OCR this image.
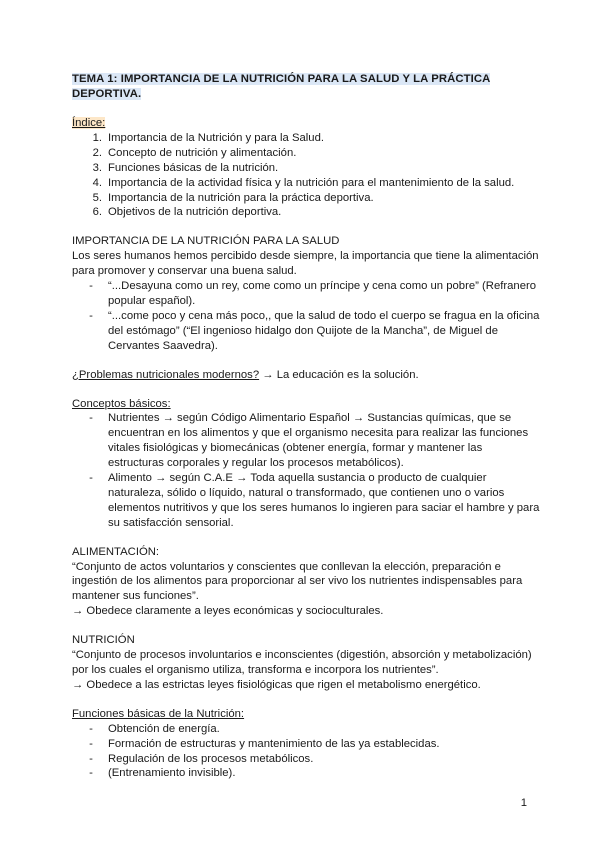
TEMA 1: IMPORTANCIA DE LA NUTRICIÓN PARA LA SALUD Y LA PRÁCTICA
DEPORTIVA.

Índice:

1. Importancia de la Nutrición y para la Salud.
2. Concepto de nutrición y alimentación.
3. Funciones básicas de la nutrición.
4. Importancia de la actividad física y la nutrición para el mantenimiento de la salud.
5. Importancia de la nutrición para la práctica deportiva.
6. Objetivos de la nutrición deportiva.

IMPORTANCIA DE LA NUTRICIÓN PARA LA SALUD

Los seres humanos hemos percibido desde siempre, la importancia que tiene la alimentación para promover y conservar una buena salud.

-	“...Desayuna como un rey, come como un príncipe y cena como un pobre” (Refranero popular español).
-	“...come poco y cena más poco,, que la salud de todo el cuerpo se fragua en la oficina del estómago” (“El ingenioso hidalgo don Quijote de la Mancha”, de Miguel de Cervantes Saavedra).

¿Problemas nutricionales modernos? → La educación es la solución.

Conceptos básicos:

-	Nutrientes → según Código Alimentario Español → Sustancias químicas, que se encuentran en los alimentos y que el organismo necesita para realizar las funciones vitales fisiológicas y biomecánicas (obtener energía, formar y mantener las estructuras corporales y regular los procesos metabólicos).
-	Alimento → según C.A.E → Toda aquella sustancia o producto de cualquier naturaleza, sólido o líquido, natural o transformado, que contienen uno o varios elementos nutritivos y que los seres humanos lo ingieren para saciar el hambre y para su satisfacción sensorial.

ALIMENTACIÓN:

“Conjunto de actos voluntarios y conscientes que conllevan la elección, preparación e ingestión de los alimentos para proporcionar al ser vivo los nutrientes indispensables para mantener sus funciones”.

→ Obedece claramente a leyes económicas y socioculturales.

NUTRICIÓN

“Conjunto de procesos involuntarios e inconscientes (digestión, absorción y metabolización) por los cuales el organismo utiliza, transforma e incorpora los nutrientes”.

→ Obedece a las estrictas leyes fisiológicas que rigen el metabolismo energético.

Funciones básicas de la Nutrición:

-	Obtención de energía.
-	Formación de estructuras y mantenimiento de las ya establecidas.
-	Regulación de los procesos metabólicos.
-	(Entrenamiento invisible).
1
